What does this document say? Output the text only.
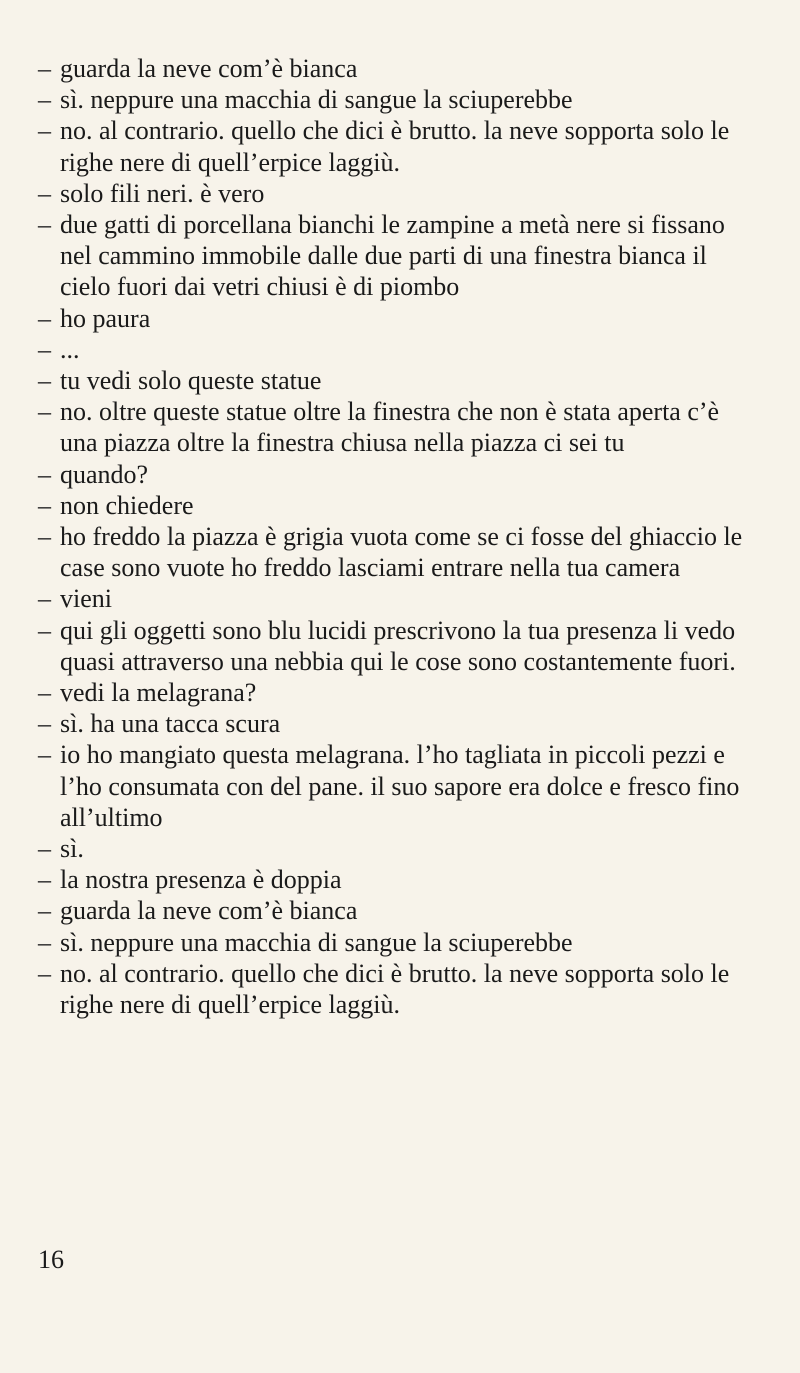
– guarda la neve com’è bianca

– sì. neppure una macchia di sangue la sciuperebbe

– no. al contrario. quello che dici è brutto. la neve sopporta solo le righe nere di quell’erpice laggiù.

– solo fili neri. è vero

– due gatti di porcellana bianchi le zampine a metà nere si fissano nel cammino immobile dalle due parti di una finestra bianca il cielo fuori dai vetri chiusi è di piombo

– ho paura

– ...

– tu vedi solo queste statue

– no. oltre queste statue oltre la finestra che non è stata aperta c’è una piazza oltre la finestra chiusa nella piazza ci sei tu

– quando?

– non chiedere

– ho freddo la piazza è grigia vuota come se ci fosse del ghiaccio le case sono vuote ho freddo lasciami entrare nella tua camera

– vieni

– qui gli oggetti sono blu lucidi prescrivono la tua presenza li vedo quasi attraverso una nebbia qui le cose sono costantemente fuori.

– vedi la melagrana?

– sì. ha una tacca scura

– io ho mangiato questa melagrana. l’ho tagliata in piccoli pezzi e l’ho consumata con del pane. il suo sapore era dolce e fresco fino all’ultimo

– sì.

– la nostra presenza è doppia

– guarda la neve com’è bianca

– sì. neppure una macchia di sangue la sciuperebbe

– no. al contrario. quello che dici è brutto. la neve sopporta solo le righe nere di quell’erpice laggiù.

16
